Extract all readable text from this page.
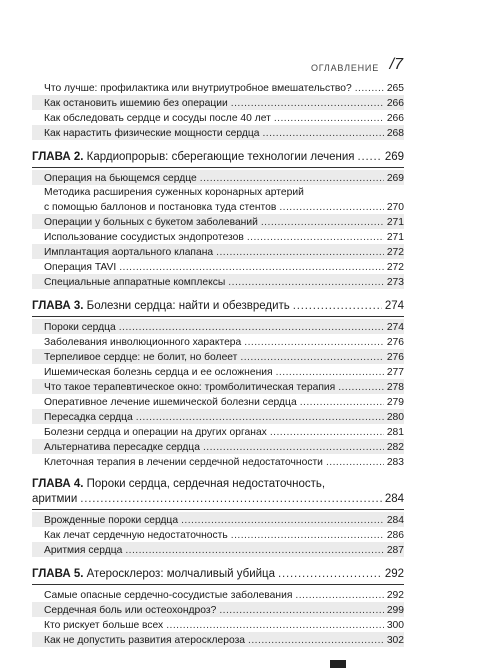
ОГЛАВЛЕНИЕ /7
Что лучше: профилактика или внутриутробное вмешательство? . . .	265
Как остановить ишемию без операции . . .	266
Как обследовать сердце и сосуды после 40 лет . . .	266
Как нарастить физические мощности сердца . . .	268
ГЛАВА 2. Кардиопрорыв: сберегающие технологии лечения . . .	269
Операция на бьющемся сердце . . .	269
Методика расширения суженных коронарных артерий
с помощью баллонов и постановка туда стентов . . .	270
Операции у больных с букетом заболеваний . . .	271
Использование сосудистых эндопротезов . . .	271
Имплантация аортального клапана . . .	272
Операция TAVI . . .	272
Специальные аппаратные комплексы . . .	273
ГЛАВА 3. Болезни сердца: найти и обезвредить . . .	274
Пороки сердца . . .	274
Заболевания инволюционного характера . . .	276
Терпеливое сердце: не болит, но болеет . . .	276
Ишемическая болезнь сердца и ее осложнения . . .	277
Что такое терапевтическое окно: тромболитическая терапия . . .	278
Оперативное лечение ишемической болезни сердца . . .	279
Пересадка сердца . . .	280
Болезни сердца и операции на других органах . . .	281
Альтернатива пересадке сердца . . .	282
Клеточная терапия в лечении сердечной недостаточности . . .	283
ГЛАВА 4. Пороки сердца, сердечная недостаточность,
аритмии . . .	284
Врожденные пороки сердца . . .	284
Как лечат сердечную недостаточность . . .	286
Аритмия сердца . . .	287
ГЛАВА 5. Атеросклероз: молчаливый убийца . . .	292
Самые опасные сердечно-сосудистые заболевания . . .	292
Сердечная боль или остеохондроз? . . .	299
Кто рискует больше всех . . .	300
Как не допустить развития атеросклероза . . .	302
